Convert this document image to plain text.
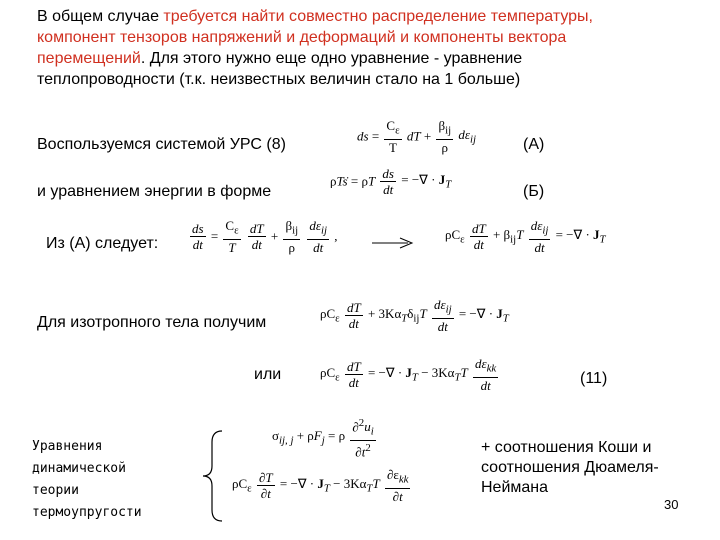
В общем случае требуется найти совместно распределение температуры,
компонент тензоров напряжений и деформаций и компоненты вектора
перемещений. Для этого нужно еще одно уравнение - уравнение
теплопроводности (т.к. неизвестных величин стало на 1 больше)
Воспользуемся системой УРС (8)
ds = $\frac{C_\varepsilon}{T}$ dT + $\frac{\beta_{ij}}{\rho} d\varepsilon_{ij}$	(А)
и уравнением энергии в форме
ρTṡ = ρT $\frac{ds}{dt}$ = −∇ · $J_T$	(Б)
Из (А) следует: $\frac{ds}{dt} = \frac{C_\varepsilon}{T}$
$\frac{dT}{dt} + \frac{\beta_{ij}}{\rho}$
$\frac{d\varepsilon_{ij}}{dt}$ ,	$\rho C_\varepsilon \frac{dT}{dt} + \beta_{ij}T \frac{d\varepsilon_{ij}}{dt}$ = −∇ · $J_T$
Для изотропного тела получим
$\rho C_\varepsilon \frac{dT}{dt} + 3K\alpha_T\delta_{ij}T \frac{d\varepsilon_{ij}}{dt}$ = −∇ · $J_T$
или	$\rho C_\varepsilon \frac{dT}{dt}$ = −∇ · $J_T - 3K\alpha_TT \frac{d\varepsilon_{kk}}{dt}$	(11)
Уравнения
динамической
теории
термоупругости
$\sigma_{ij, j} + \rho F_j = \rho \frac{\partial^2u_i}{\partial t^2}$
$\rho C_\varepsilon \frac{\partial T}{\partial t}$ = −∇ · $J_T - 3K\alpha_TT \frac{\partial\varepsilon_{kk}}{\partial t}$
+ соотношения Коши и
соотношения Дюамеля-
Неймана
30
